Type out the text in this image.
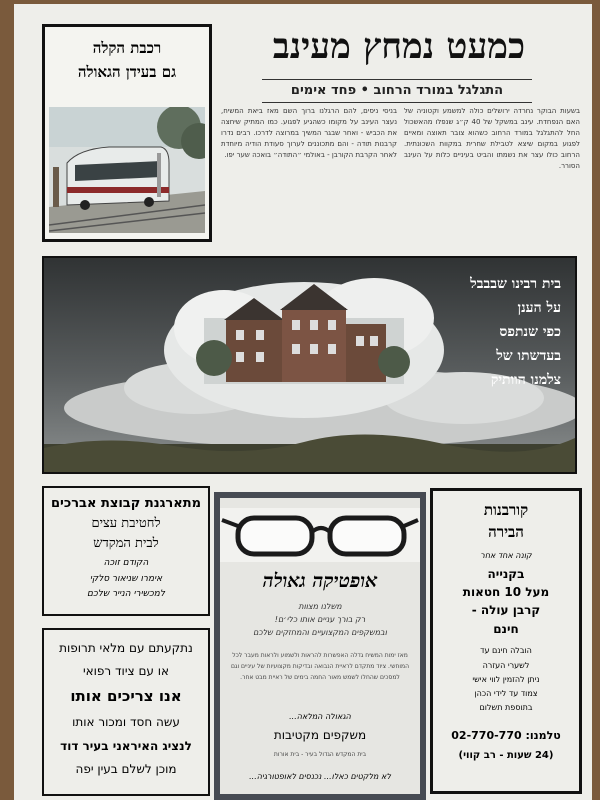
כמעט נמחץ מעינב
התגלגל במורד הרחוב • פחד אימים
בשעות הבוקר נחרדה ירושלים כולה למשמע וקטוניה של האם הנפחדת. עינב במשקל של 40 ק״ג שנפלו מהאשכול החל להתגלגל במורד הרחוב כשהוא צובר תאוצה ומאיים לפגוע במקום שיצא לטבילת שחרית במקוות השכונתית. הרחוב כולו עצר את נשמתו והביט בעיניים כלות על העינב הסורר.
בניסי ניסים, להם הרגלנו ברוך השם מאז ביאת המשיח, נעצר העינב על מקומו כשהגיע לפגוע. כמו המתיק שיחצה את הכביש - ואחר שבגר המשיך במרוצה לדרכו. רבים נדרו קרבנות תודה - והם מתכוננים לערוך סעודת הודיה מיוחדת לאחר הקרבת הקורבן - באולמי ״התודה״ בואכה שער יפו.
רכבת הקלה
גם בעידן הגאולה
בית רבינו שבבבל
על הענן
כפי שנתפס
בעדשתו של
צלמנו הוותיק
מתארגנת קבוצת אברכים
לחטיבת עצים
לבית המקדש
הקודם זוכה
אימרו שניאור סלקי
למכשירי הנייר שלכם
נתקעתם עם מלאי תרופות
או עם ציוד רפואי
אנו צריכים אותו
עשה חסד ומכור אותו
לנציג האיראני בעיר דוד
מוכן לשלם בעין יפה
אופטיקה גאולה
משלנו מצוות
רק בורך עניים אותו כלי׳ם!
ובמשקפים המקצועיים והמחזקים שלכם
מאז ימות המשיח גדלה האפשרות להראות ולשמוע ולראות מעבר לכל המוחשי. ציוד מתקדם לראיית הנבואה ובדיקות מקצועיות של עיניים וגם למסכים שהחלו לשמש מאור החמה בימים של ראיית מבט אחר.
הגאולה המלאה...
משקפים מקטיבות
בית המקדש הגדול בעיר - בית אורות
לא מלקטים כאלו... נכנסים לאופטורגיה...
קורבנות
הבירה
קונה אחד אחר
בקנייה
מעל 10 חטאות
קרבן עולה -
חינם
הובלה חינם עד
לשערי העזרה
ניתן להזמין לווי אישי
צמוד עד לידי הכהן
בתוספת תשלום
טלמנו: 02-770-770
(24 שעות - רב קווי)
